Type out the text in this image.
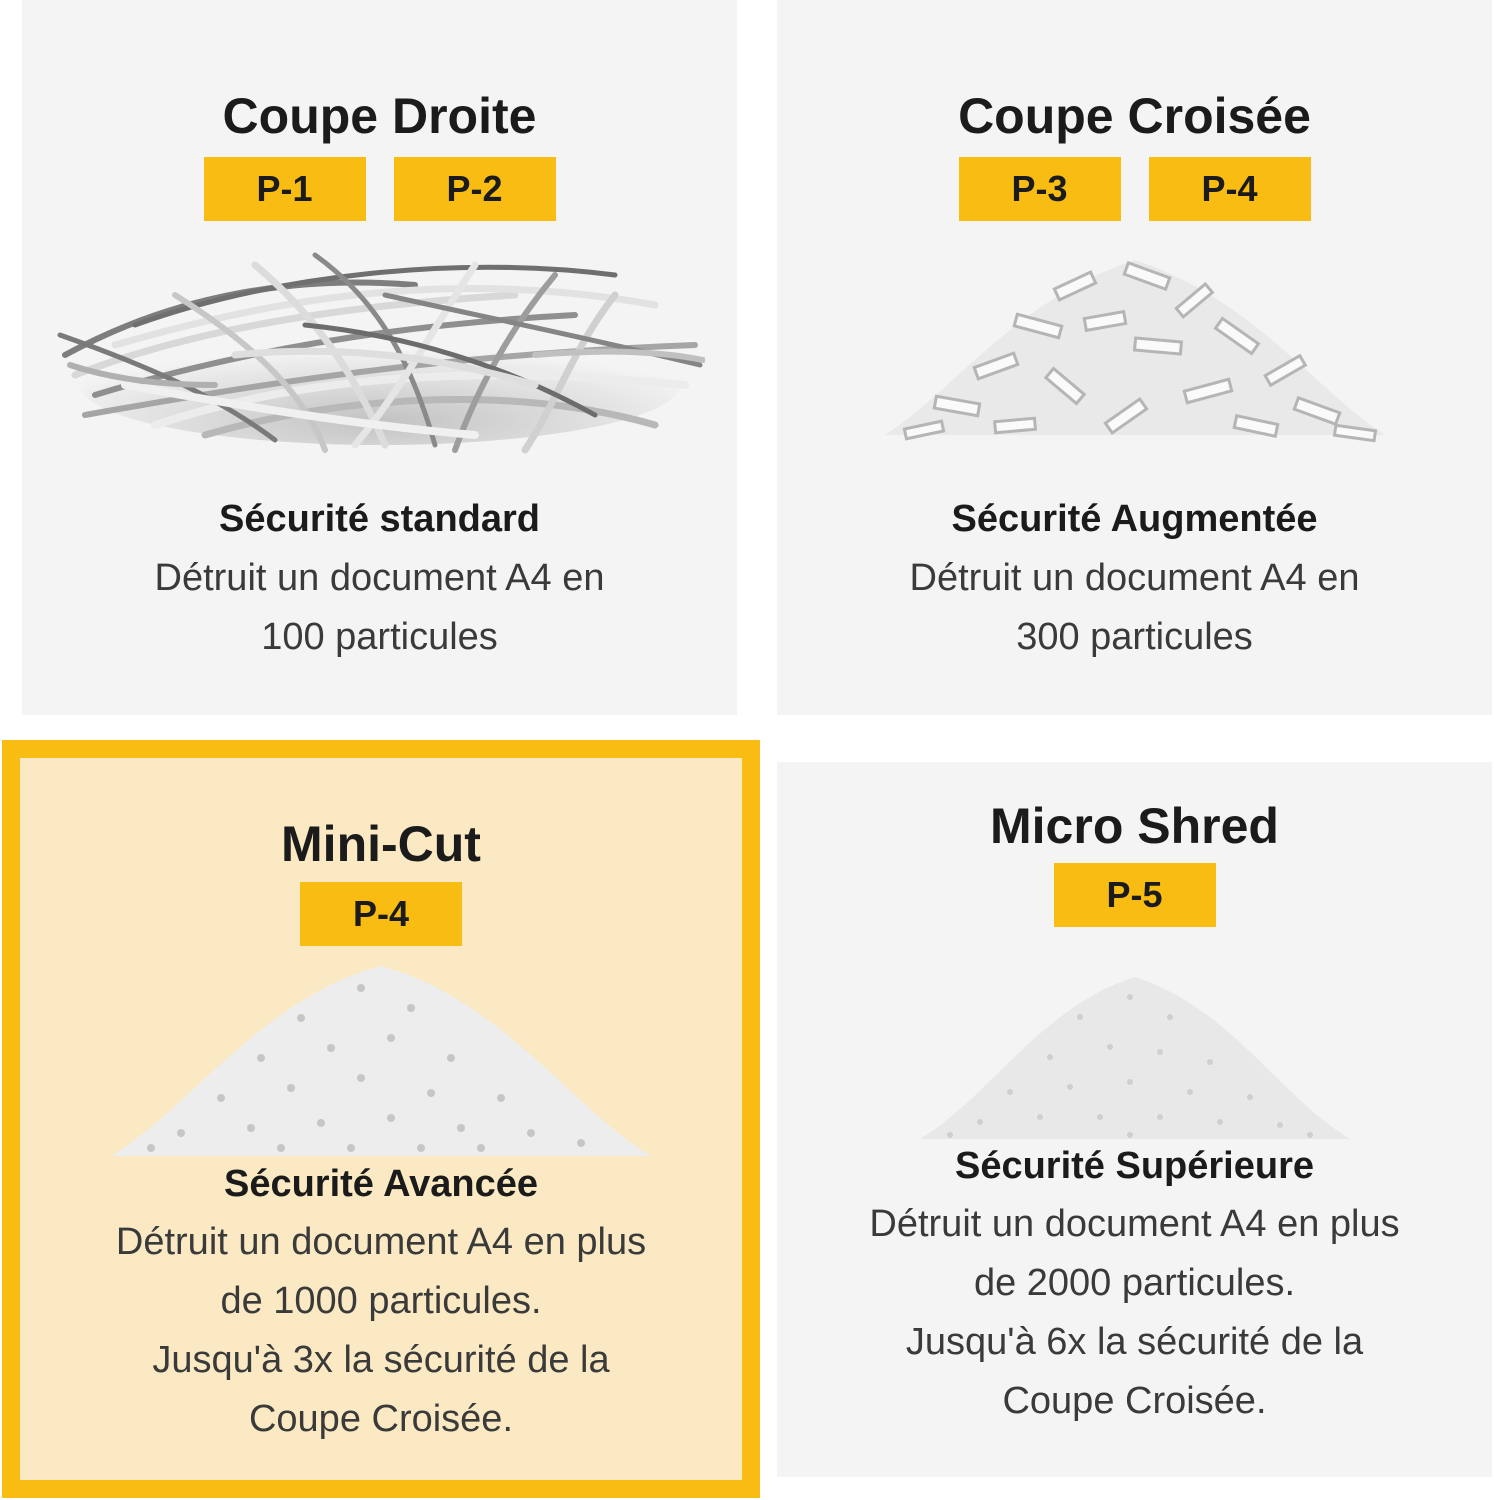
Coupe Droite
P-1	P-2
Sécurité standard
Détruit un document A4 en
100 particules
Coupe Croisée
P-3	P-4
Sécurité Augmentée
Détruit un document A4 en
300 particules
Mini-Cut
P-4
Sécurité Avancée
Détruit un document A4 en plus
de 1000 particules.
Jusqu'à 3x la sécurité de la
Coupe Croisée.
Micro Shred
P-5
Sécurité Supérieure
Détruit un document A4 en plus
de 2000 particules.
Jusqu'à 6x la sécurité de la
Coupe Croisée.
